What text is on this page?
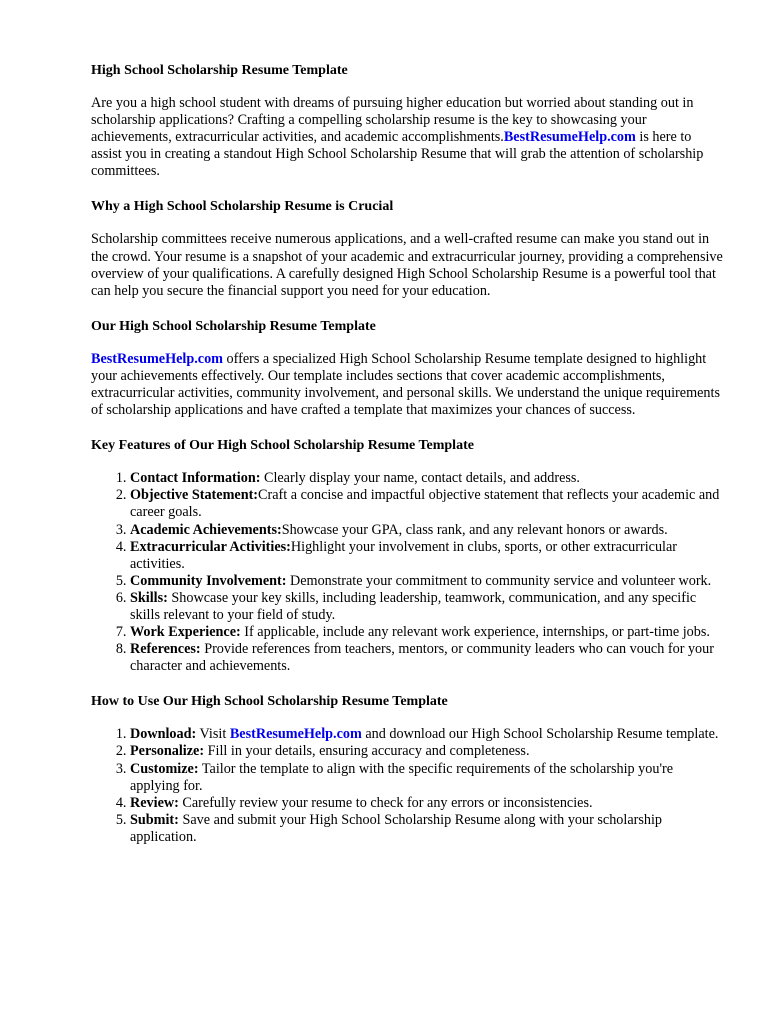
High School Scholarship Resume Template

Are you a high school student with dreams of pursuing higher education but worried about standing out in scholarship applications? Crafting a compelling scholarship resume is the key to showcasing your achievements, extracurricular activities, and academic accomplishments.BestResumeHelp.com is here to assist you in creating a standout High School Scholarship Resume that will grab the attention of scholarship committees.

Why a High School Scholarship Resume is Crucial

Scholarship committees receive numerous applications, and a well-crafted resume can make you stand out in the crowd. Your resume is a snapshot of your academic and extracurricular journey, providing a comprehensive overview of your qualifications. A carefully designed High School Scholarship Resume is a powerful tool that can help you secure the financial support you need for your education.

Our High School Scholarship Resume Template

BestResumeHelp.com offers a specialized High School Scholarship Resume template designed to highlight your achievements effectively. Our template includes sections that cover academic accomplishments, extracurricular activities, community involvement, and personal skills. We understand the unique requirements of scholarship applications and have crafted a template that maximizes your chances of success.

Key Features of Our High School Scholarship Resume Template
1. Contact Information: Clearly display your name, contact details, and address.
2. Objective Statement:Craft a concise and impactful objective statement that reflects your academic and career goals.
3. Academic Achievements:Showcase your GPA, class rank, and any relevant honors or awards.
4. Extracurricular Activities:Highlight your involvement in clubs, sports, or other extracurricular activities.
5. Community Involvement: Demonstrate your commitment to community service and volunteer work.
6. Skills: Showcase your key skills, including leadership, teamwork, communication, and any specific skills relevant to your field of study.
7. Work Experience: If applicable, include any relevant work experience, internships, or part-time jobs.
8. References: Provide references from teachers, mentors, or community leaders who can vouch for your character and achievements.
How to Use Our High School Scholarship Resume Template
1. Download: Visit BestResumeHelp.com and download our High School Scholarship Resume template.
2. Personalize: Fill in your details, ensuring accuracy and completeness.
3. Customize: Tailor the template to align with the specific requirements of the scholarship you're applying for.
4. Review: Carefully review your resume to check for any errors or inconsistencies.
5. Submit: Save and submit your High School Scholarship Resume along with your scholarship application.
